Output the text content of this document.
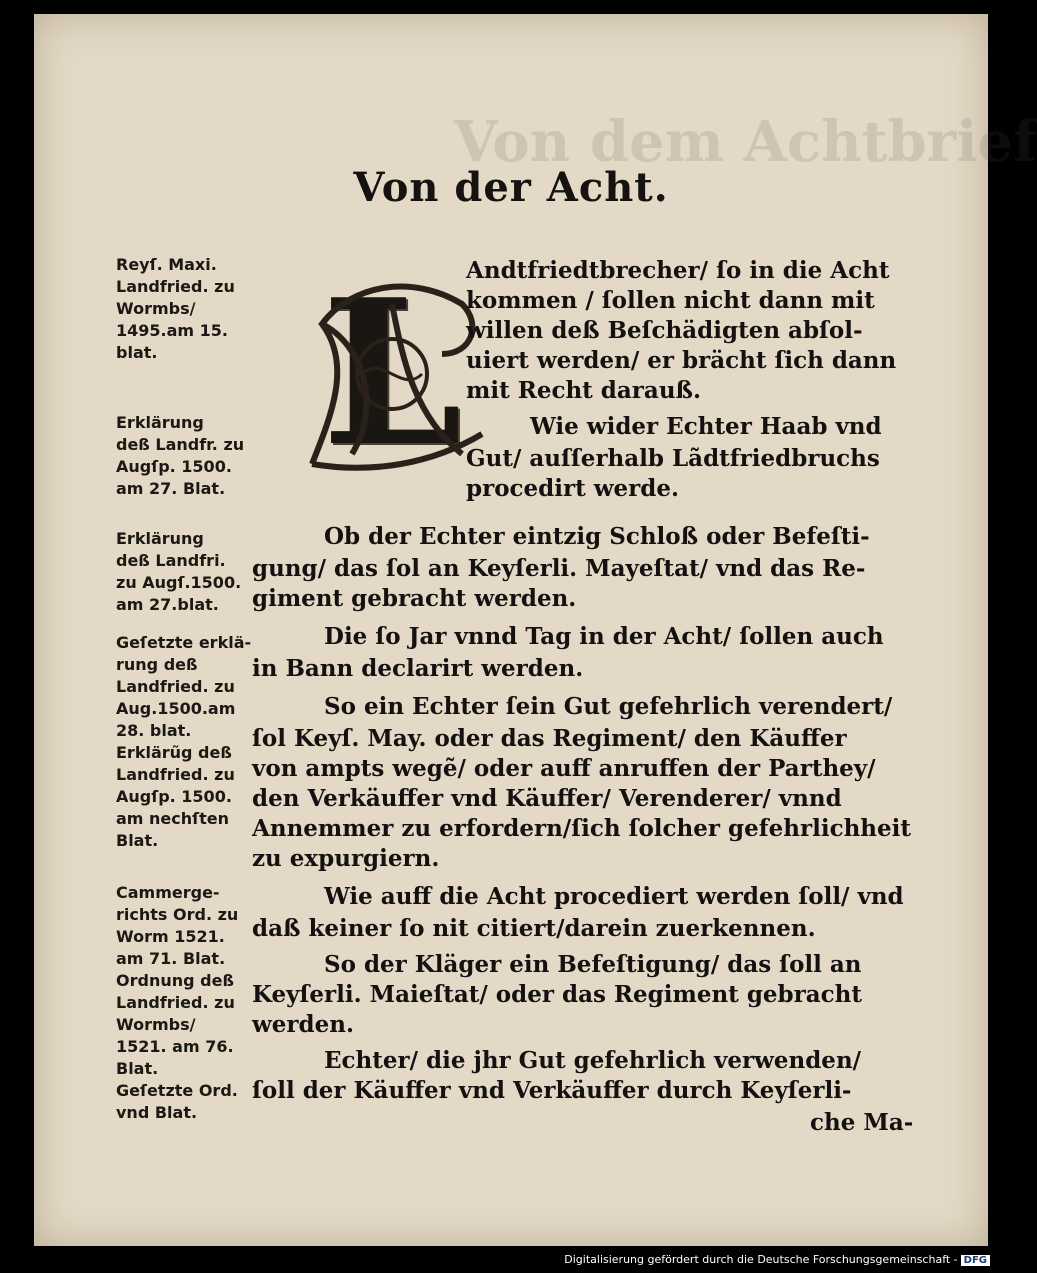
Von dem Achtbrief
Von der Acht.
L
Reyſ. Maxi.
Landfried. zu
Wormbs/
1495.am 15.
blat.
Erklärung
deß Landfr. zu
Augſp. 1500.
am 27. Blat.
Erklärung
deß Landfri.
zu Augſ.1500.
am 27.blat.
Geſetzte erklä-
rung deß
Landfried. zu
Aug.1500.am
28. blat.
Erklärũg deß
Landfried. zu
Augſp. 1500.
am nechſten
Blat.
Cammerge-
richts Ord. zu
Worm 1521.
am 71. Blat.
Ordnung deß
Landfried. zu
Wormbs/
1521. am 76.
Blat.
Geſetzte Ord.
vnd Blat.
Andtfriedtbrecher/ ſo in die Acht
kommen / ſollen nicht dann mit
willen deß Beſchädigten abſol-
uiert werden/ er brächt ſich dann
mit Recht darauß.
Wie wider Echter Haab vnd
Gut/ auſſerhalb Lãdtfriedbruchs
procedirt werde.
Ob der Echter eintzig Schloß oder Befeſti-
gung/ das ſol an Keyſerli. Mayeſtat/ vnd das Re-
giment gebracht werden.
Die ſo Jar vnnd Tag in der Acht/ ſollen auch
in Bann declarirt werden.
So ein Echter ſein Gut gefehrlich verendert/
ſol Keyſ. May. oder das Regiment/ den Käuffer
von ampts wegẽ/ oder auff anruffen der Parthey/
den Verkäuffer vnd Käuffer/ Verenderer/ vnnd
Annemmer zu erfordern/ſich ſolcher gefehrlichheit
zu expurgiern.
Wie auff die Acht procediert werden ſoll/ vnd
daß keiner ſo nit citiert/darein zuerkennen.
So der Kläger ein Befeſtigung/ das ſoll an
Keyſerli. Maieſtat/ oder das Regiment gebracht
werden.
Echter/ die jhr Gut gefehrlich verwenden/
ſoll der Käuffer vnd Verkäuffer durch Keyſerli-
che Ma-
Digitalisierung gefördert durch die Deutsche Forschungsgemeinschaft - DFG
